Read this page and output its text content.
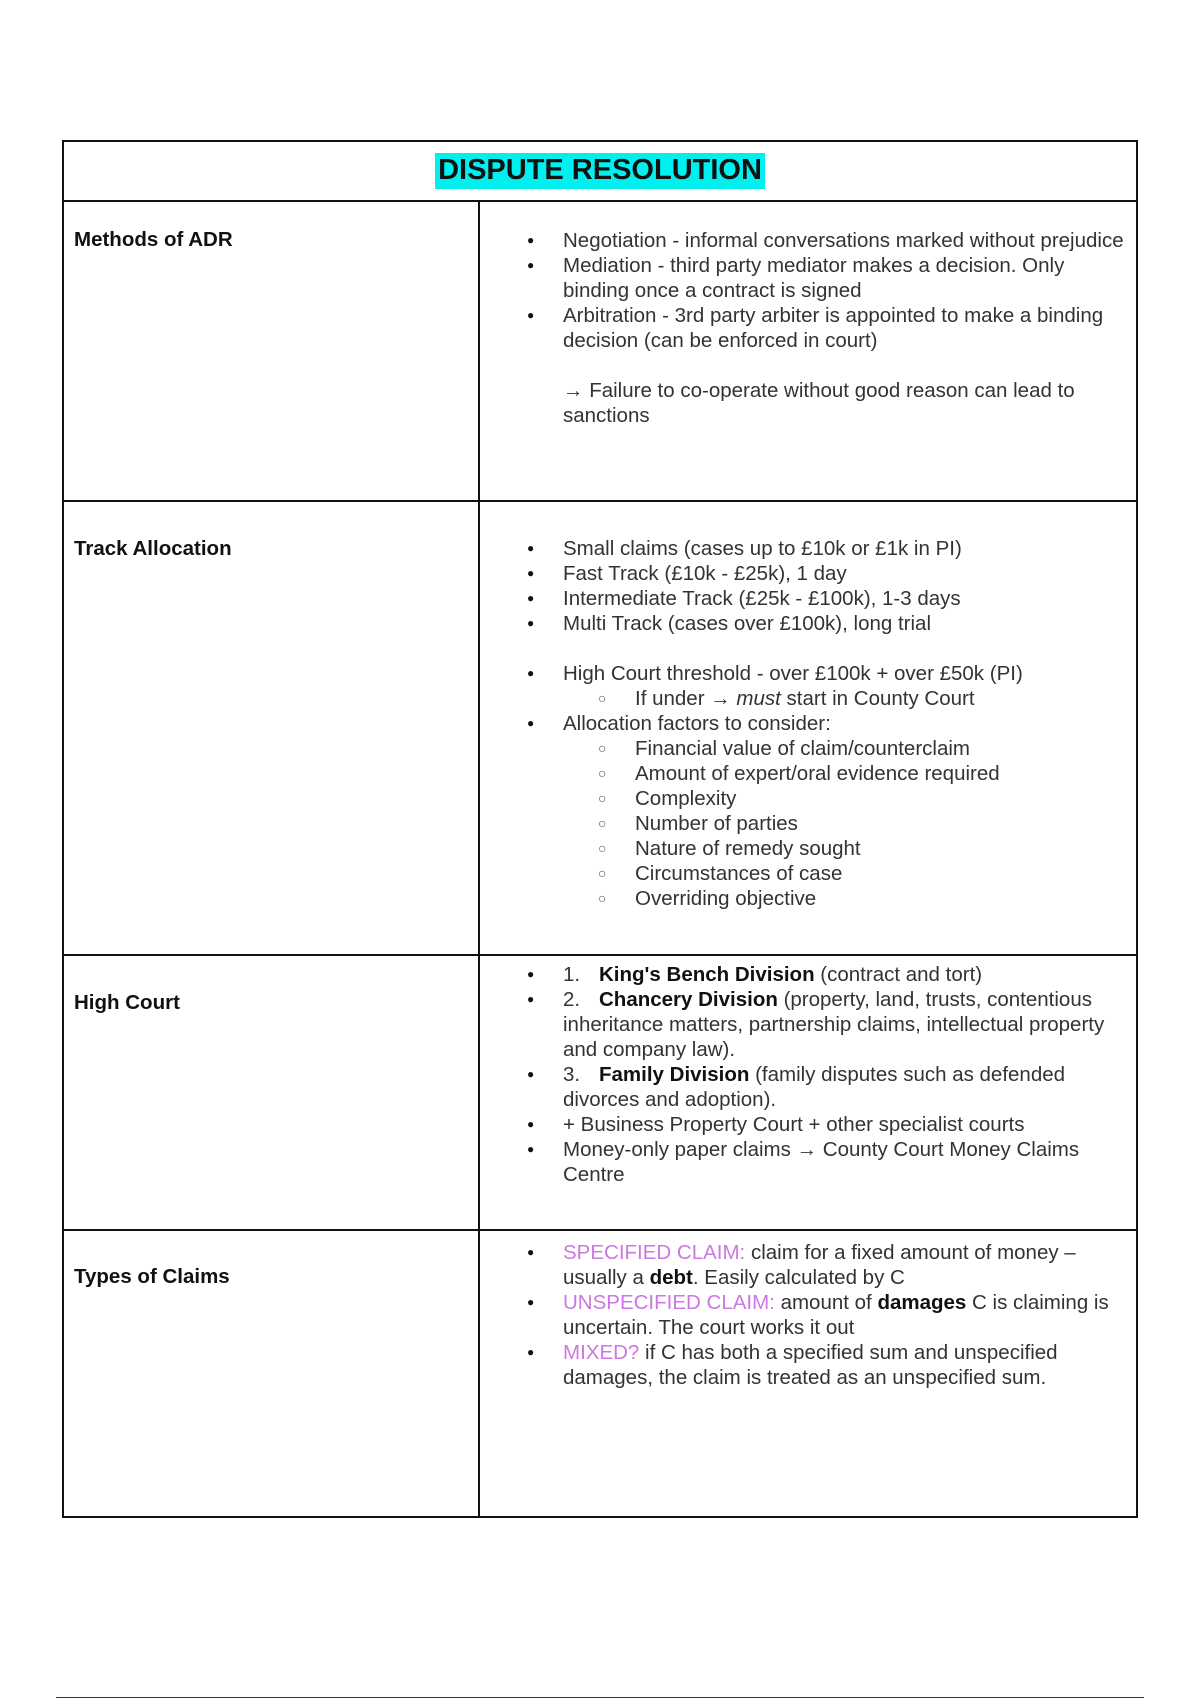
DISPUTE RESOLUTION
Methods of ADR	● Negotiation - informal conversations marked without prejudice
● Mediation - third party mediator makes a decision. Only binding once a contract is signed
● Arbitration - 3rd party arbiter is appointed to make a binding decision (can be enforced in court)
→ Failure to co-operate without good reason can lead to sanctions
Track Allocation	● Small claims (cases up to £10k or £1k in PI)
● Fast Track (£10k - £25k), 1 day
● Intermediate Track (£25k - £100k), 1-3 days
● Multi Track (cases over £100k), long trial
● High Court threshold - over £100k + over £50k (PI)
○ If under → must start in County Court
● Allocation factors to consider:
○ Financial value of claim/counterclaim
○ Amount of expert/oral evidence required
○ Complexity
○ Number of parties
○ Nature of remedy sought
○ Circumstances of case
○ Overriding objective
High Court
● 1. King's Bench Division (contract and tort)
● 2. Chancery Division (property, land, trusts, contentious inheritance matters, partnership claims, intellectual property and company law).
● 3. Family Division (family disputes such as defended divorces and adoption).
● + Business Property Court + other specialist courts
● Money-only paper claims → County Court Money Claims Centre
Types of Claims
● SPECIFIED CLAIM: claim for a fixed amount of money – usually a debt. Easily calculated by C
● UNSPECIFIED CLAIM: amount of damages C is claiming is uncertain. The court works it out
● MIXED? if C has both a specified sum and unspecified damages, the claim is treated as an unspecified sum.
